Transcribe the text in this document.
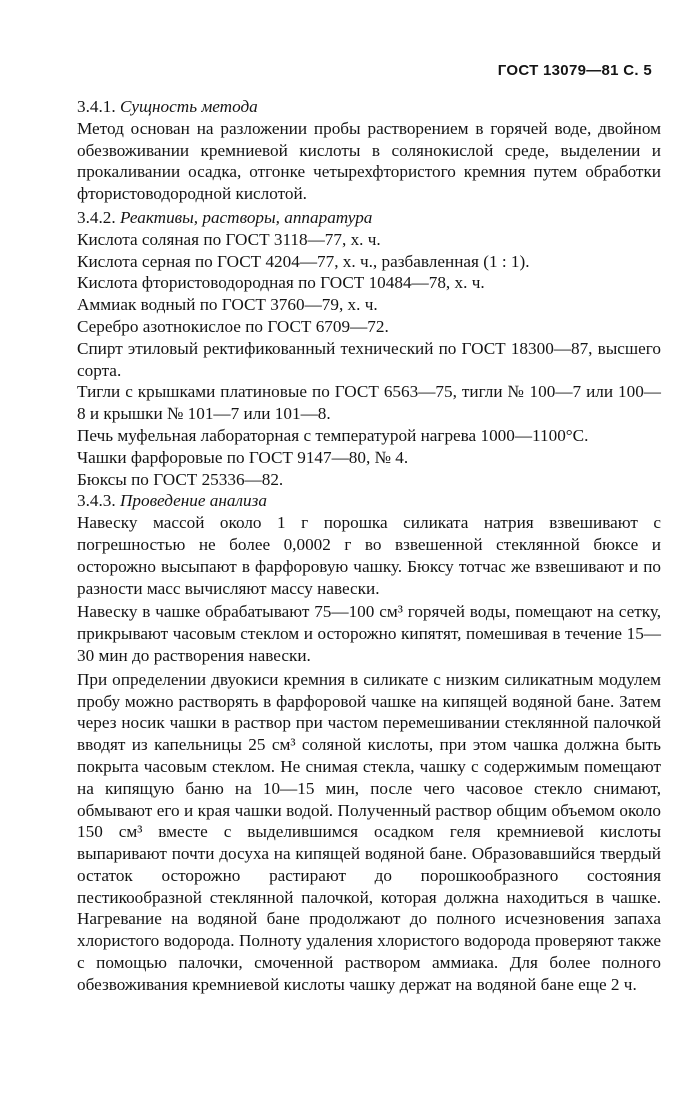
ГОСТ 13079—81 С. 5

3.4.1. Сущность метода

Метод основан на разложении пробы растворением в горячей воде, двойном обезвоживании кремниевой кислоты в солянокислой среде, выделении и прокаливании осадка, отгонке четырехфтористого кремния путем обработки фтористоводородной кислотой.

3.4.2. Реактивы, растворы, аппаратура

Кислота соляная по ГОСТ 3118—77, х. ч.

Кислота серная по ГОСТ 4204—77, х. ч., разбавленная (1 : 1).

Кислота фтористоводородная по ГОСТ 10484—78, х. ч.

Аммиак водный по ГОСТ 3760—79, х. ч.

Серебро азотнокислое по ГОСТ 6709—72.

Спирт этиловый ректификованный технический по ГОСТ 18300—87, высшего сорта.

Тигли с крышками платиновые по ГОСТ 6563—75, тигли № 100—7 или 100—8 и крышки № 101—7 или 101—8.

Печь муфельная лабораторная с температурой нагрева 1000—1100°С.

Чашки фарфоровые по ГОСТ 9147—80, № 4.

Бюксы по ГОСТ 25336—82.

3.4.3. Проведение анализа

Навеску массой около 1 г порошка силиката натрия взвешивают с погрешностью не более 0,0002 г во взвешенной стеклянной бюксе и осторожно высыпают в фарфоровую чашку. Бюксу тотчас же взвешивают и по разности масс вычисляют массу навески.

Навеску в чашке обрабатывают 75—100 см³ горячей воды, помещают на сетку, прикрывают часовым стеклом и осторожно кипятят, помешивая в течение 15—30 мин до растворения навески.

При определении двуокиси кремния в силикате с низким силикатным модулем пробу можно растворять в фарфоровой чашке на кипящей водяной бане. Затем через носик чашки в раствор при частом перемешивании стеклянной палочкой вводят из капельницы 25 см³ соляной кислоты, при этом чашка должна быть покрыта часовым стеклом. Не снимая стекла, чашку с содержимым помещают на кипящую баню на 10—15 мин, после чего часовое стекло снимают, обмывают его и края чашки водой. Полученный раствор общим объемом около 150 см³ вместе с выделившимся осадком геля кремниевой кислоты выпаривают почти досуха на кипящей водяной бане. Образовавшийся твердый остаток осторожно растирают до порошкообразного состояния пестикообразной стеклянной палочкой, которая должна находиться в чашке. Нагревание на водяной бане продолжают до полного исчезновения запаха хлористого водорода. Полноту удаления хлористого водорода проверяют также с помощью палочки, смоченной раствором аммиака. Для более полного обезвоживания кремниевой кислоты чашку держат на водяной бане еще 2 ч.
